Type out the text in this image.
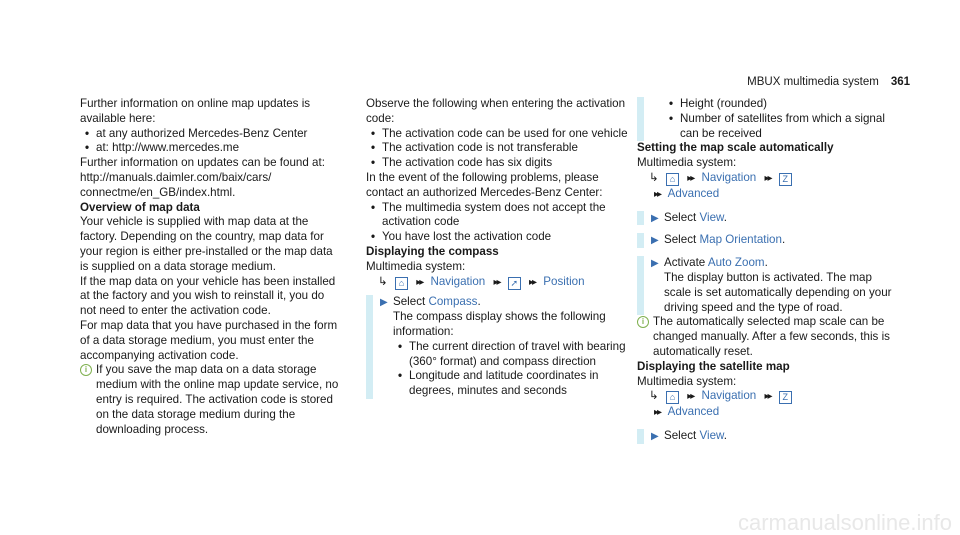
MBUX multimedia system 361

Further information on online map updates is available here:

• at any authorized Mercedes-Benz Center
• at: http://www.mercedes.me

Further information on updates can be found at:
http://manuals.daimler.com/baix/cars/
connectme/en_GB/index.html.

Overview of map data

Your vehicle is supplied with map data at the factory. Depending on the country, map data for your region is either pre-installed or the map data is supplied on a data storage medium.

If the map data on your vehicle has been installed at the factory and you wish to reinstall it, you do not need to enter the activation code.

For map data that you have purchased in the form of a data storage medium, you must enter the accompanying activation code.

i If you save the map data on a data storage medium with the online map update service, no entry is required. The activation code is stored on the data storage medium during the downloading process.

Observe the following when entering the activation code:

• The activation code can be used for one vehicle
• The activation code is not transferable
• The activation code has six digits

In the event of the following problems, please contact an authorized Mercedes-Benz Center:

• The multimedia system does not accept the activation code
• You have lost the activation code

Displaying the compass

Multimedia system:

↳ ⌂ ▸▸ Navigation ▸▸ ➚ ▸▸ Position

▶ Select Compass.

The compass display shows the following information:

• The current direction of travel with bearing (360° format) and compass direction
• Longitude and latitude coordinates in degrees, minutes and seconds
• Height (rounded)
• Number of satellites from which a signal can be received

Setting the map scale automatically

Multimedia system:

↳ ⌂ ▸▸ Navigation ▸▸ Z
▸▸ Advanced

▶ Select View.

▶ Select Map Orientation.

▶ Activate Auto Zoom.

The display button is activated. The map scale is set automatically depending on your driving speed and the type of road.

i The automatically selected map scale can be changed manually. After a few seconds, this is automatically reset.

Displaying the satellite map

Multimedia system:

↳ ⌂ ▸▸ Navigation ▸▸ Z
▸▸ Advanced

▶ Select View.

carmanualsonline.info
